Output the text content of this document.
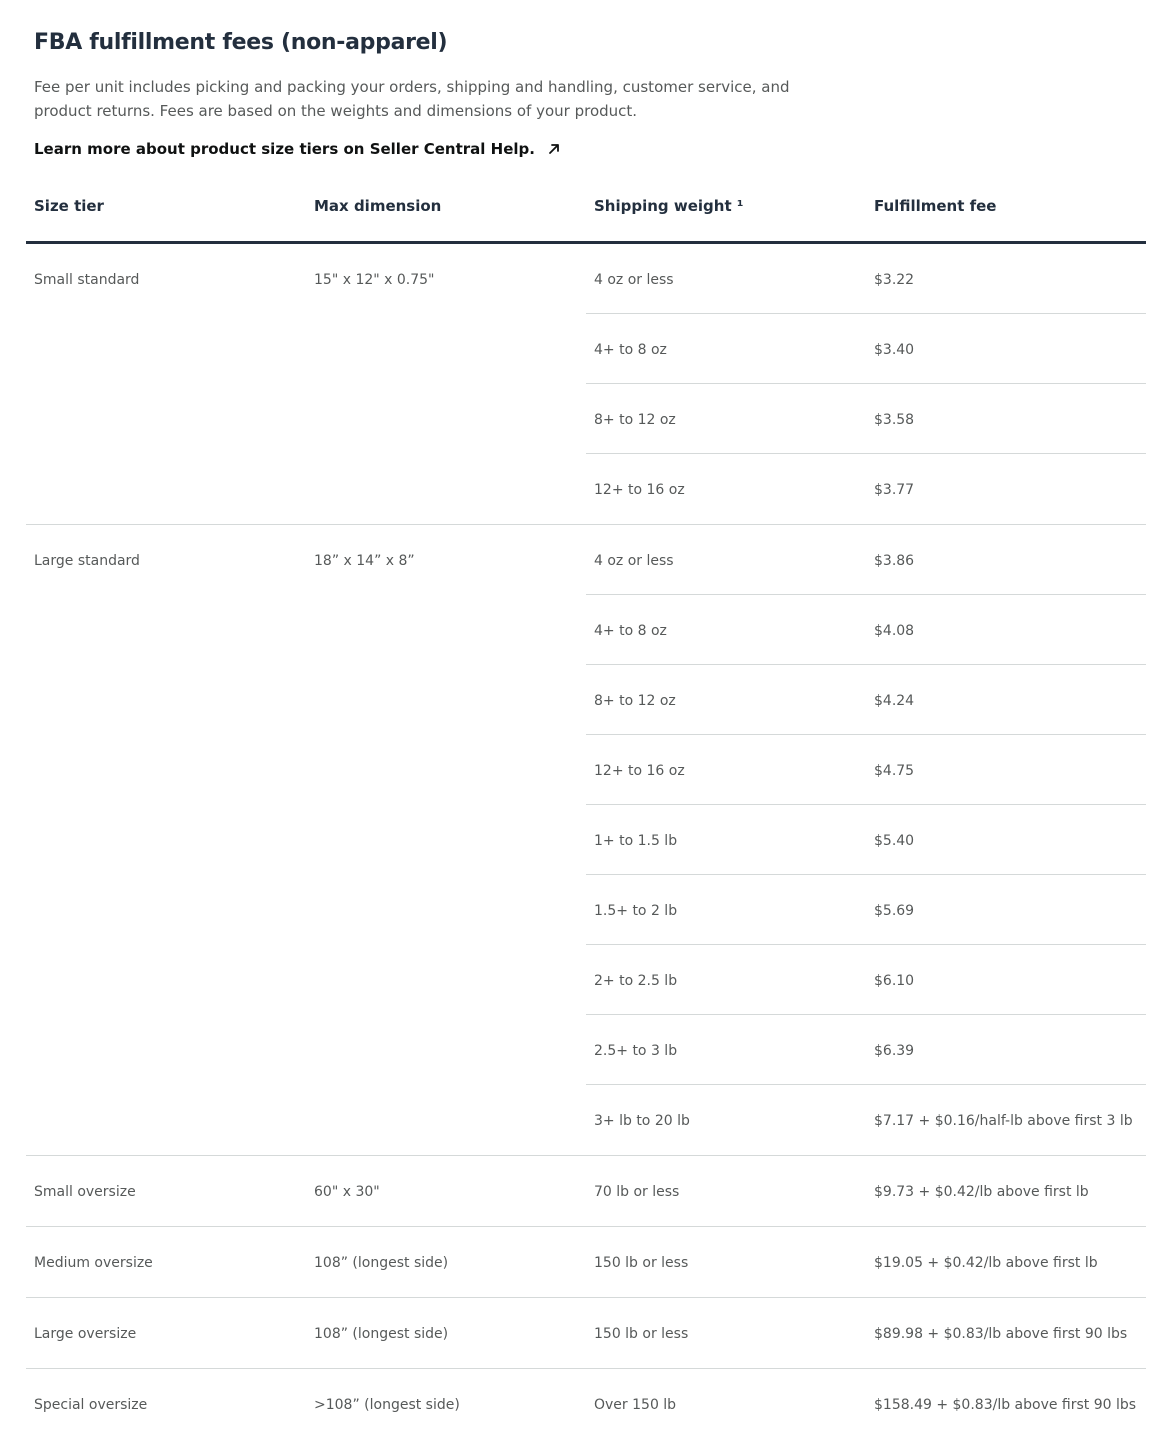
FBA fulfillment fees (non-apparel)

Fee per unit includes picking and packing your orders, shipping and handling, customer service, and product returns. Fees are based on the weights and dimensions of your product.

Learn more about product size tiers on Seller Central Help.
Size tier	Max dimension	Shipping weight ¹	Fulfillment fee
Small standard	15" x 12" x 0.75"	4 oz or less	$3.22
4+ to 8 oz	$3.40
8+ to 12 oz	$3.58
12+ to 16 oz	$3.77
Large standard	18” x 14” x 8”	4 oz or less	$3.86
4+ to 8 oz	$4.08
8+ to 12 oz	$4.24
12+ to 16 oz	$4.75
1+ to 1.5 lb	$5.40
1.5+ to 2 lb	$5.69
2+ to 2.5 lb	$6.10
2.5+ to 3 lb	$6.39
3+ lb to 20 lb	$7.17 + $0.16/half-lb above first 3 lb
Small oversize	60" x 30"	70 lb or less	$9.73 + $0.42/lb above first lb
Medium oversize	108” (longest side)	150 lb or less	$19.05 + $0.42/lb above first lb
Large oversize	108” (longest side)	150 lb or less	$89.98 + $0.83/lb above first 90 lbs
Special oversize	>108” (longest side)	Over 150 lb	$158.49 + $0.83/lb above first 90 lbs
